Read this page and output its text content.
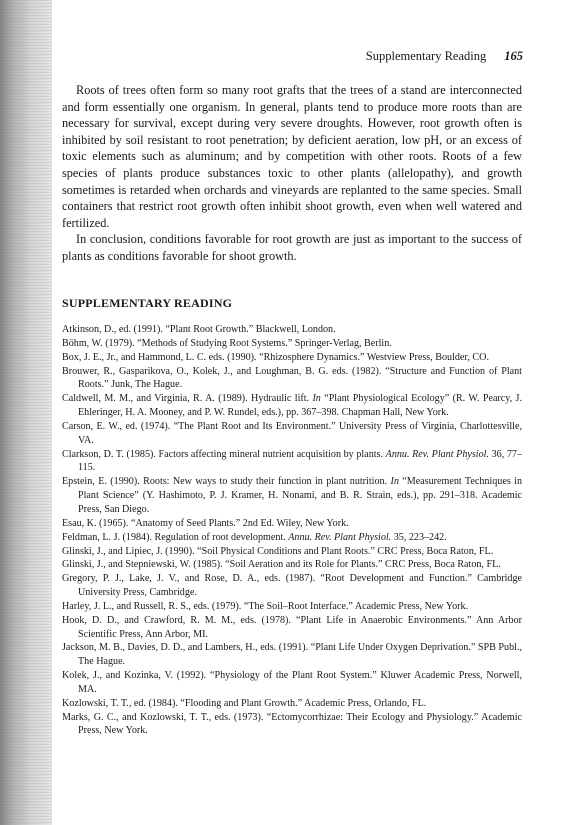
Supplementary Reading 165

Roots of trees often form so many root grafts that the trees of a stand are interconnected and form essentially one organism. In general, plants tend to produce more roots than are necessary for survival, except during very severe droughts. However, root growth often is inhibited by soil resistant to root penetration; by deficient aeration, low pH, or an excess of toxic elements such as aluminum; and by competition with other roots. Roots of a few species of plants produce substances toxic to other plants (allelopathy), and growth sometimes is retarded when orchards and vineyards are replanted to the same species. Small containers that restrict root growth often inhibit shoot growth, even when well watered and fertilized.

In conclusion, conditions favorable for root growth are just as important to the success of plants as conditions favorable for shoot growth.

SUPPLEMENTARY READING

Atkinson, D., ed. (1991). “Plant Root Growth.” Blackwell, London.

Böhm, W. (1979). “Methods of Studying Root Systems.” Springer-Verlag, Berlin.

Box, J. E., Jr., and Hammond, L. C. eds. (1990). “Rhizosphere Dynamics.” Westview Press, Boulder, CO.

Brouwer, R., Gasparikova, O., Kolek, J., and Loughman, B. G. eds. (1982). “Structure and Function of Plant Roots.” Junk, The Hague.

Caldwell, M. M., and Virginia, R. A. (1989). Hydraulic lift. In “Plant Physiological Ecology” (R. W. Pearcy, J. Ehleringer, H. A. Mooney, and P. W. Rundel, eds.), pp. 367–398. Chapman Hall, New York.

Carson, E. W., ed. (1974). “The Plant Root and Its Environment.” University Press of Virginia, Charlottesville, VA.

Clarkson, D. T. (1985). Factors affecting mineral nutrient acquisition by plants. Annu. Rev. Plant Physiol. 36, 77–115.

Epstein, E. (1990). Roots: New ways to study their function in plant nutrition. In “Measurement Techniques in Plant Science” (Y. Hashimoto, P. J. Kramer, H. Nonami, and B. R. Strain, eds.), pp. 291–318. Academic Press, San Diego.

Esau, K. (1965). “Anatomy of Seed Plants.” 2nd Ed. Wiley, New York.

Feldman, L. J. (1984). Regulation of root development. Annu. Rev. Plant Physiol. 35, 223–242.

Glinski, J., and Lipiec, J. (1990). “Soil Physical Conditions and Plant Roots.” CRC Press, Boca Raton, FL.

Glinski, J., and Stepniewski, W. (1985). “Soil Aeration and its Role for Plants.” CRC Press, Boca Raton, FL.

Gregory, P. J., Lake, J. V., and Rose, D. A., eds. (1987). “Root Development and Function.” Cambridge University Press, Cambridge.

Harley, J. L., and Russell, R. S., eds. (1979). “The Soil–Root Interface.” Academic Press, New York.

Hook, D. D., and Crawford, R. M. M., eds. (1978). “Plant Life in Anaerobic Environments.” Ann Arbor Scientific Press, Ann Arbor, MI.

Jackson, M. B., Davies, D. D., and Lambers, H., eds. (1991). “Plant Life Under Oxygen Deprivation.” SPB Publ., The Hague.

Kolek, J., and Kozinka, V. (1992). “Physiology of the Plant Root System.” Kluwer Academic Press, Norwell, MA.

Kozlowski, T. T., ed. (1984). “Flooding and Plant Growth.” Academic Press, Orlando, FL.

Marks, G. C., and Kozlowski, T. T., eds. (1973). “Ectomycorrhizae: Their Ecology and Physiology.” Academic Press, New York.
